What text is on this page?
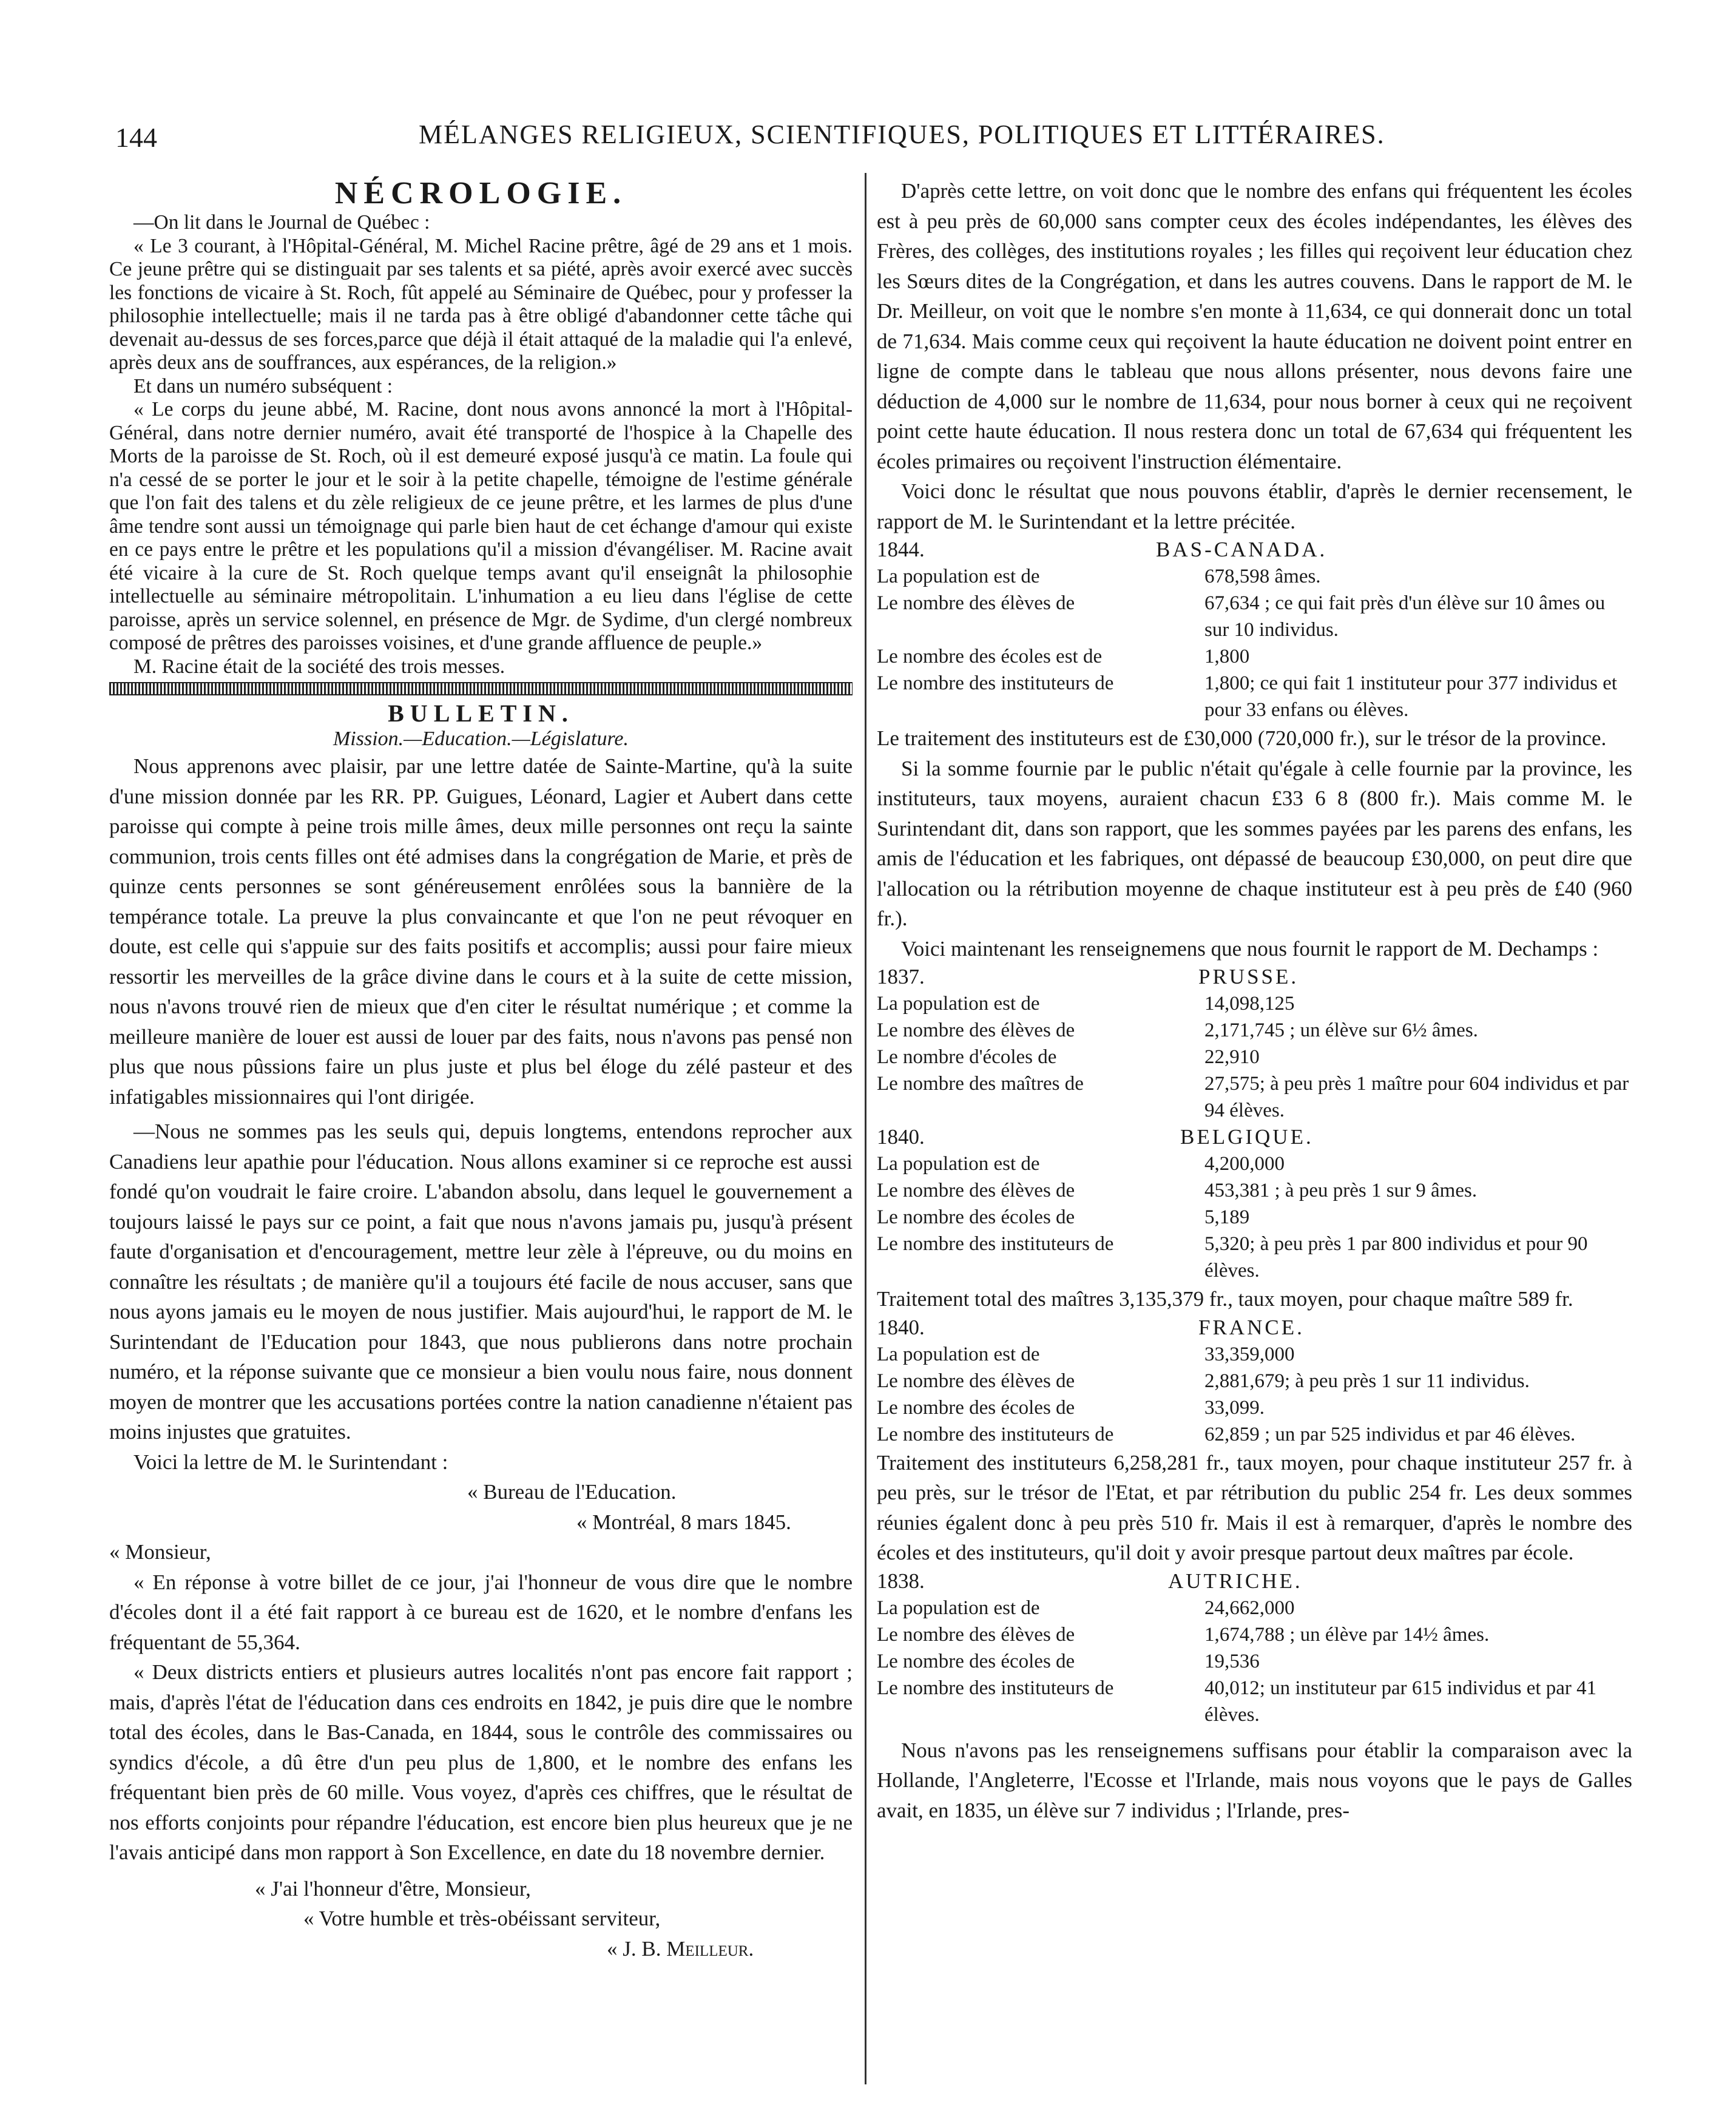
144	MÉLANGES RELIGIEUX, SCIENTIFIQUES, POLITIQUES ET LITTÉRAIRES.
NÉCROLOGIE.

—On lit dans le Journal de Québec :

« Le 3 courant, à l'Hôpital-Général, M. Michel Racine prêtre, âgé de 29 ans et 1 mois. Ce jeune prêtre qui se distinguait par ses talents et sa piété, après avoir exercé avec succès les fonctions de vicaire à St. Roch, fût appelé au Séminaire de Québec, pour y professer la philosophie intellectuelle; mais il ne tarda pas à être obligé d'abandonner cette tâche qui devenait au-dessus de ses forces,parce que déjà il était attaqué de la maladie qui l'a enlevé, après deux ans de souffrances, aux espérances, de la religion.»

Et dans un numéro subséquent :

« Le corps du jeune abbé, M. Racine, dont nous avons annoncé la mort à l'Hôpital-Général, dans notre dernier numéro, avait été transporté de l'hospice à la Chapelle des Morts de la paroisse de St. Roch, où il est demeuré exposé jusqu'à ce matin. La foule qui n'a cessé de se porter le jour et le soir à la petite chapelle, témoigne de l'estime générale que l'on fait des talens et du zèle religieux de ce jeune prêtre, et les larmes de plus d'une âme tendre sont aussi un témoignage qui parle bien haut de cet échange d'amour qui existe en ce pays entre le prêtre et les populations qu'il a mission d'évangéliser. M. Racine avait été vicaire à la cure de St. Roch quelque temps avant qu'il enseignât la philosophie intellectuelle au séminaire métropolitain. L'inhumation a eu lieu dans l'église de cette paroisse, après un service solennel, en présence de Mgr. de Sydime, d'un clergé nombreux composé de prêtres des paroisses voisines, et d'une grande affluence de peuple.»

M. Racine était de la société des trois messes.

BULLETIN.
Mission.—Education.—Législature.

Nous apprenons avec plaisir, par une lettre datée de Sainte-Martine, qu'à la suite d'une mission donnée par les RR. PP. Guigues, Léonard, Lagier et Aubert dans cette paroisse qui compte à peine trois mille âmes, deux mille personnes ont reçu la sainte communion, trois cents filles ont été admises dans la congrégation de Marie, et près de quinze cents personnes se sont généreusement enrôlées sous la bannière de la tempérance totale. La preuve la plus convaincante et que l'on ne peut révoquer en doute, est celle qui s'appuie sur des faits positifs et accomplis; aussi pour faire mieux ressortir les merveilles de la grâce divine dans le cours et à la suite de cette mission, nous n'avons trouvé rien de mieux que d'en citer le résultat numérique ; et comme la meilleure manière de louer est aussi de louer par des faits, nous n'avons pas pensé non plus que nous pûssions faire un plus juste et plus bel éloge du zélé pasteur et des infatigables missionnaires qui l'ont dirigée.

—Nous ne sommes pas les seuls qui, depuis longtems, entendons reprocher aux Canadiens leur apathie pour l'éducation. Nous allons examiner si ce reproche est aussi fondé qu'on voudrait le faire croire. L'abandon absolu, dans lequel le gouvernement a toujours laissé le pays sur ce point, a fait que nous n'avons jamais pu, jusqu'à présent faute d'organisation et d'encouragement, mettre leur zèle à l'épreuve, ou du moins en connaître les résultats ; de manière qu'il a toujours été facile de nous accuser, sans que nous ayons jamais eu le moyen de nous justifier. Mais aujourd'hui, le rapport de M. le Surintendant de l'Education pour 1843, que nous publierons dans notre prochain numéro, et la réponse suivante que ce monsieur a bien voulu nous faire, nous donnent moyen de montrer que les accusations portées contre la nation canadienne n'étaient pas moins injustes que gratuites.

Voici la lettre de M. le Surintendant :

« Bureau de l'Education.
« Montréal, 8 mars 1845.
« Monsieur,

« En réponse à votre billet de ce jour, j'ai l'honneur de vous dire que le nombre d'écoles dont il a été fait rapport à ce bureau est de 1620, et le nombre d'enfans les fréquentant de 55,364.

« Deux districts entiers et plusieurs autres localités n'ont pas encore fait rapport ; mais, d'après l'état de l'éducation dans ces endroits en 1842, je puis dire que le nombre total des écoles, dans le Bas-Canada, en 1844, sous le contrôle des commissaires ou syndics d'école, a dû être d'un peu plus de 1,800, et le nombre des enfans les fréquentant bien près de 60 mille. Vous voyez, d'après ces chiffres, que le résultat de nos efforts conjoints pour répandre l'éducation, est encore bien plus heureux que je ne l'avais anticipé dans mon rapport à Son Excellence, en date du 18 novembre dernier.

« J'ai l'honneur d'être, Monsieur,
« Votre humble et très-obéissant serviteur,
« J. B. Meilleur.

D'après cette lettre, on voit donc que le nombre des enfans qui fréquentent les écoles est à peu près de 60,000 sans compter ceux des écoles indépendantes, les élèves des Frères, des collèges, des institutions royales ; les filles qui reçoivent leur éducation chez les Sœurs dites de la Congrégation, et dans les autres couvens. Dans le rapport de M. le Dr. Meilleur, on voit que le nombre s'en monte à 11,634, ce qui donnerait donc un total de 71,634. Mais comme ceux qui reçoivent la haute éducation ne doivent point entrer en ligne de compte dans le tableau que nous allons présenter, nous devons faire une déduction de 4,000 sur le nombre de 11,634, pour nous borner à ceux qui ne reçoivent point cette haute éducation. Il nous restera donc un total de 67,634 qui fréquentent les écoles primaires ou reçoivent l'instruction élémentaire.

Voici donc le résultat que nous pouvons établir, d'après le dernier recensement, le rapport de M. le Surintendant et la lettre précitée.

1844.	BAS-CANADA.
La population est de	678,598 âmes.
Le nombre des élèves de	67,634 ; ce qui fait près d'un élève sur 10 âmes ou sur 10 individus.
Le nombre des écoles est de	1,800
Le nombre des instituteurs de	1,800; ce qui fait 1 instituteur pour 377 individus et pour 33 enfans ou élèves.

Le traitement des instituteurs est de £30,000 (720,000 fr.), sur le trésor de la province.

Si la somme fournie par le public n'était qu'égale à celle fournie par la province, les instituteurs, taux moyens, auraient chacun £33 6 8 (800 fr.). Mais comme M. le Surintendant dit, dans son rapport, que les sommes payées par les parens des enfans, les amis de l'éducation et les fabriques, ont dépassé de beaucoup £30,000, on peut dire que l'allocation ou la rétribution moyenne de chaque instituteur est à peu près de £40 (960 fr.).

Voici maintenant les renseignemens que nous fournit le rapport de M. Dechamps :

1837.	PRUSSE.
La population est de	14,098,125
Le nombre des élèves de	2,171,745 ; un élève sur 6½ âmes.
Le nombre d'écoles de	22,910
Le nombre des maîtres de	27,575; à peu près 1 maître pour 604 individus et par 94 élèves.
1840.	BELGIQUE.
La population est de	4,200,000
Le nombre des élèves de	453,381 ; à peu près 1 sur 9 âmes.
Le nombre des écoles de	5,189
Le nombre des instituteurs de	5,320; à peu près 1 par 800 individus et pour 90 élèves.

Traitement total des maîtres 3,135,379 fr., taux moyen, pour chaque maître 589 fr.

1840.	FRANCE.
La population est de	33,359,000
Le nombre des élèves de	2,881,679; à peu près 1 sur 11 individus.
Le nombre des écoles de	33,099.
Le nombre des instituteurs de	62,859 ; un par 525 individus et par 46 élèves.

Traitement des instituteurs 6,258,281 fr., taux moyen, pour chaque instituteur 257 fr. à peu près, sur le trésor de l'Etat, et par rétribution du public 254 fr. Les deux sommes réunies égalent donc à peu près 510 fr. Mais il est à remarquer, d'après le nombre des écoles et des instituteurs, qu'il doit y avoir presque partout deux maîtres par école.

1838.	AUTRICHE.
La population est de	24,662,000
Le nombre des élèves de	1,674,788 ; un élève par 14½ âmes.
Le nombre des écoles de	19,536
Le nombre des instituteurs de	40,012; un instituteur par 615 individus et par 41 élèves.

Nous n'avons pas les renseignemens suffisans pour établir la comparaison avec la Hollande, l'Angleterre, l'Ecosse et l'Irlande, mais nous voyons que le pays de Galles avait, en 1835, un élève sur 7 individus ; l'Irlande, pres-
